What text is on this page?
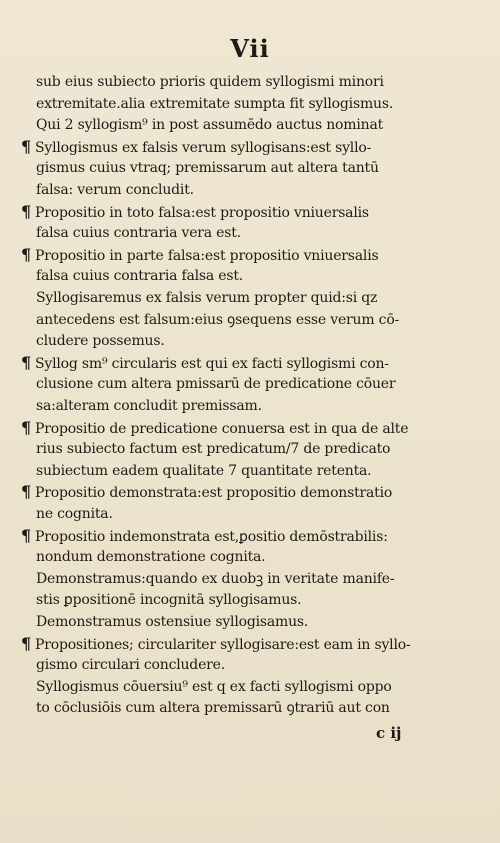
Vii
sub eius subiecto prioris quidem syllogismi minori
extremitate.alia extremitate sumpta fit syllogismus.
Qui 2 syllogism⁹ in post assumēdo auctus nominat
¶ Syllogismus ex falsis verum syllogisans:est syllo-
gismus cuius vtraq; premissarum aut altera tantū
falsa: verum concludit.
¶ Propositio in toto falsa:est propositio vniuersalis
falsa cuius contraria vera est.
¶ Propositio in parte falsa:est propositio vniuersalis
falsa cuius contraria falsa est.
Syllogisaremus ex falsis verum propter quid:si qz
antecedens est falsum:eius ꝯsequens esse verum cō-
cludere possemus.
¶ Syllog sm⁹ circularis est qui ex facti syllogismi con-
clusione cum altera pmissarū de predicatione cōuer
sa:alteram concludit premissam.
¶ Propositio de predicatione conuersa est in qua de alte
rius subiecto factum est predicatum/7 de predicato
subiectum eadem qualitate 7 quantitate retenta.
¶ Propositio demonstrata:est propositio demonstratio
ne cognita.
¶ Propositio indemonstrata est,ꝑositio demōstrabilis:
nondum demonstratione cognita.
Demonstramus:quando ex duobꝫ in veritate manife-
stis ꝑpositionē incognitā syllogisamus.
Demonstramus ostensiue syllogisamus.
¶ Propositiones; circulariter syllogisare:est eam in syllo-
gismo circulari concludere.
Syllogismus cōuersiu⁹ est q ex facti syllogismi oppo
to cōclusiōis cum altera premissarū ꝯtrariū aut con
c ij
